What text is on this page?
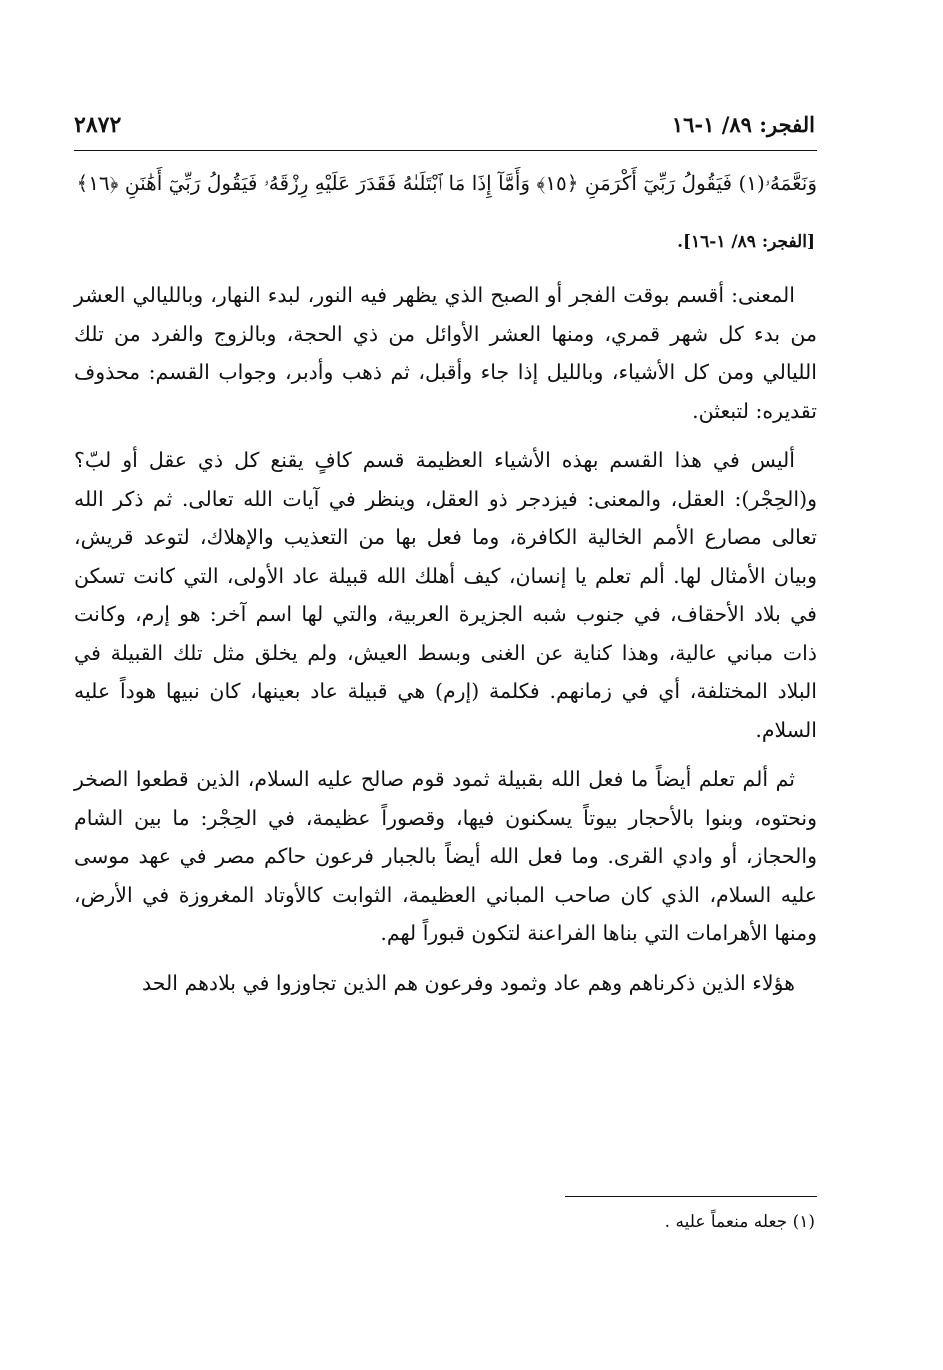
الفجر: ٨٩/ ١-١٦
٢٨٧٢
وَنَعَّمَهُۥ(١) فَيَقُولُ رَبِّيٓ أَكْرَمَنِ ﴿١٥﴾ وَأَمَّآ إِذَا مَا ٱبْتَلَىٰهُ فَقَدَرَ عَلَيْهِ رِزْقَهُۥ فَيَقُولُ رَبِّيٓ أَهَٰنَنِ ﴿١٦﴾
[الفجر: ٨٩/ ١-١٦].

المعنى: أقسم بوقت الفجر أو الصبح الذي يظهر فيه النور، لبدء النهار، وبالليالي العشر من بدء كل شهر قمري، ومنها العشر الأوائل من ذي الحجة، وبالزوج والفرد من تلك الليالي ومن كل الأشياء، وبالليل إذا جاء وأقبل، ثم ذهب وأدبر، وجواب القسم: محذوف تقديره: لتبعثن.

أليس في هذا القسم بهذه الأشياء العظيمة قسم كافٍ يقنع كل ذي عقل أو لبّ؟ و(الحِجْر): العقل، والمعنى: فيزدجر ذو العقل، وينظر في آيات الله تعالى. ثم ذكر الله تعالى مصارع الأمم الخالية الكافرة، وما فعل بها من التعذيب والإهلاك، لتوعد قريش، وبيان الأمثال لها. ألم تعلم يا إنسان، كيف أهلك الله قبيلة عاد الأولى، التي كانت تسكن في بلاد الأحقاف، في جنوب شبه الجزيرة العربية، والتي لها اسم آخر: هو إرم، وكانت ذات مباني عالية، وهذا كناية عن الغنى وبسط العيش، ولم يخلق مثل تلك القبيلة في البلاد المختلفة، أي في زمانهم. فكلمة (إرم) هي قبيلة عاد بعينها، كان نبيها هوداً عليه السلام.

ثم ألم تعلم أيضاً ما فعل الله بقبيلة ثمود قوم صالح عليه السلام، الذين قطعوا الصخر ونحتوه، وبنوا بالأحجار بيوتاً يسكنون فيها، وقصوراً عظيمة، في الحِجْر: ما بين الشام والحجاز، أو وادي القرى. وما فعل الله أيضاً بالجبار فرعون حاكم مصر في عهد موسى عليه السلام، الذي كان صاحب المباني العظيمة، الثوابت كالأوتاد المغروزة في الأرض، ومنها الأهرامات التي بناها الفراعنة لتكون قبوراً لهم.

هؤلاء الذين ذكرناهم وهم عاد وثمود وفرعون هم الذين تجاوزوا في بلادهم الحد

(١) جعله منعماً عليه .
